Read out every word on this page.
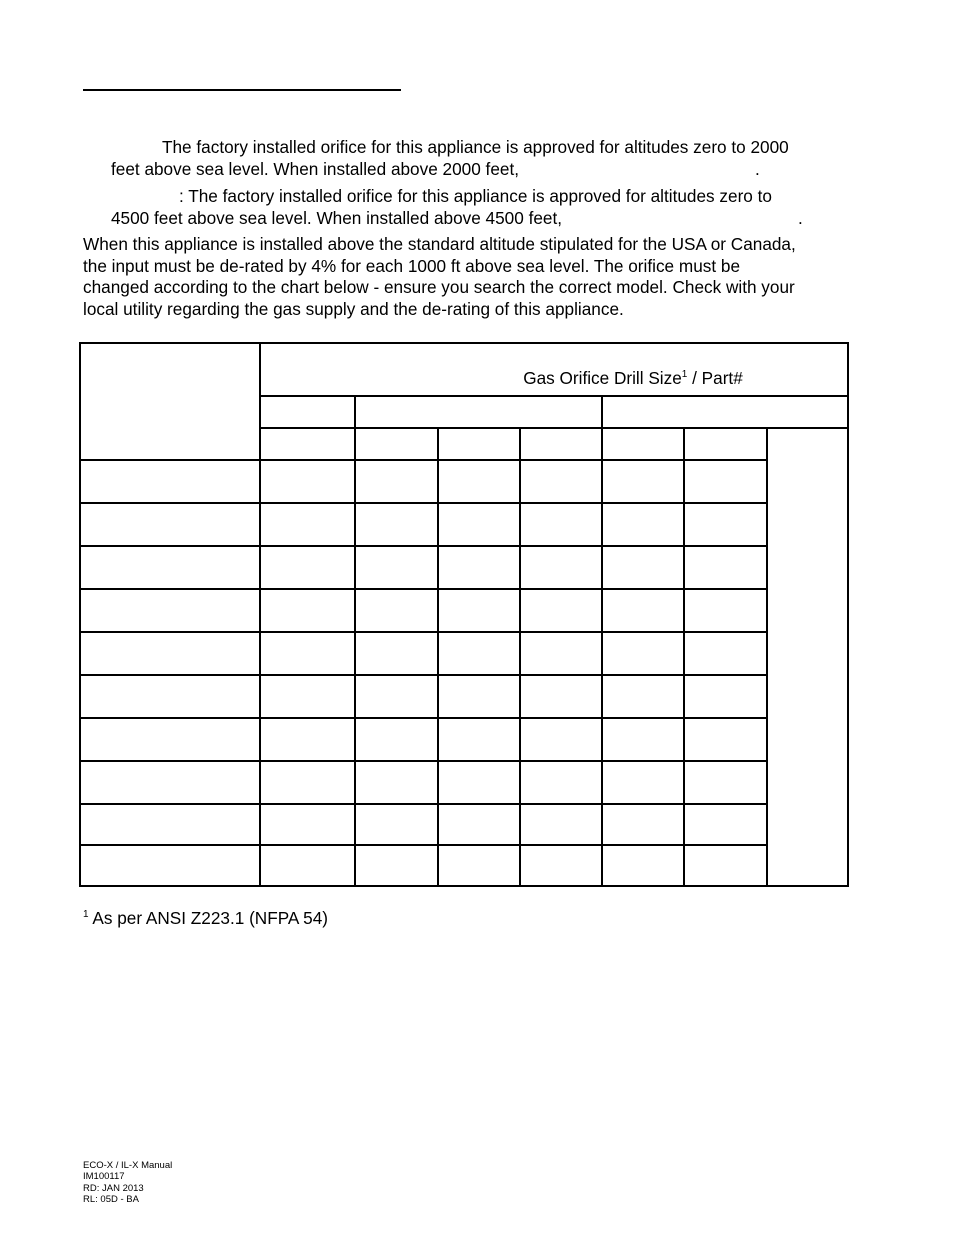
The factory installed orifice for this appliance is approved for altitudes zero to 2000
feet above sea level. When installed above 2000 feet,	.

: The factory installed orifice for this appliance is approved for altitudes zero to
4500 feet above sea level. When installed above 4500 feet,	.

When this appliance is installed above the standard altitude stipulated for the USA or Canada,
the input must be de-rated by 4% for each 1000 ft above sea level. The orifice must be
changed according to the chart below - ensure you search the correct model. Check with your
local utility regarding the gas supply and the de-rating of this appliance.

Gas Orifice Drill Size$^1$ / Part#
$^1$ As per ANSI Z223.1 (NFPA 54)
ECO-X / IL-X Manual
IM100117
RD: JAN 2013
RL: 05D - BA
